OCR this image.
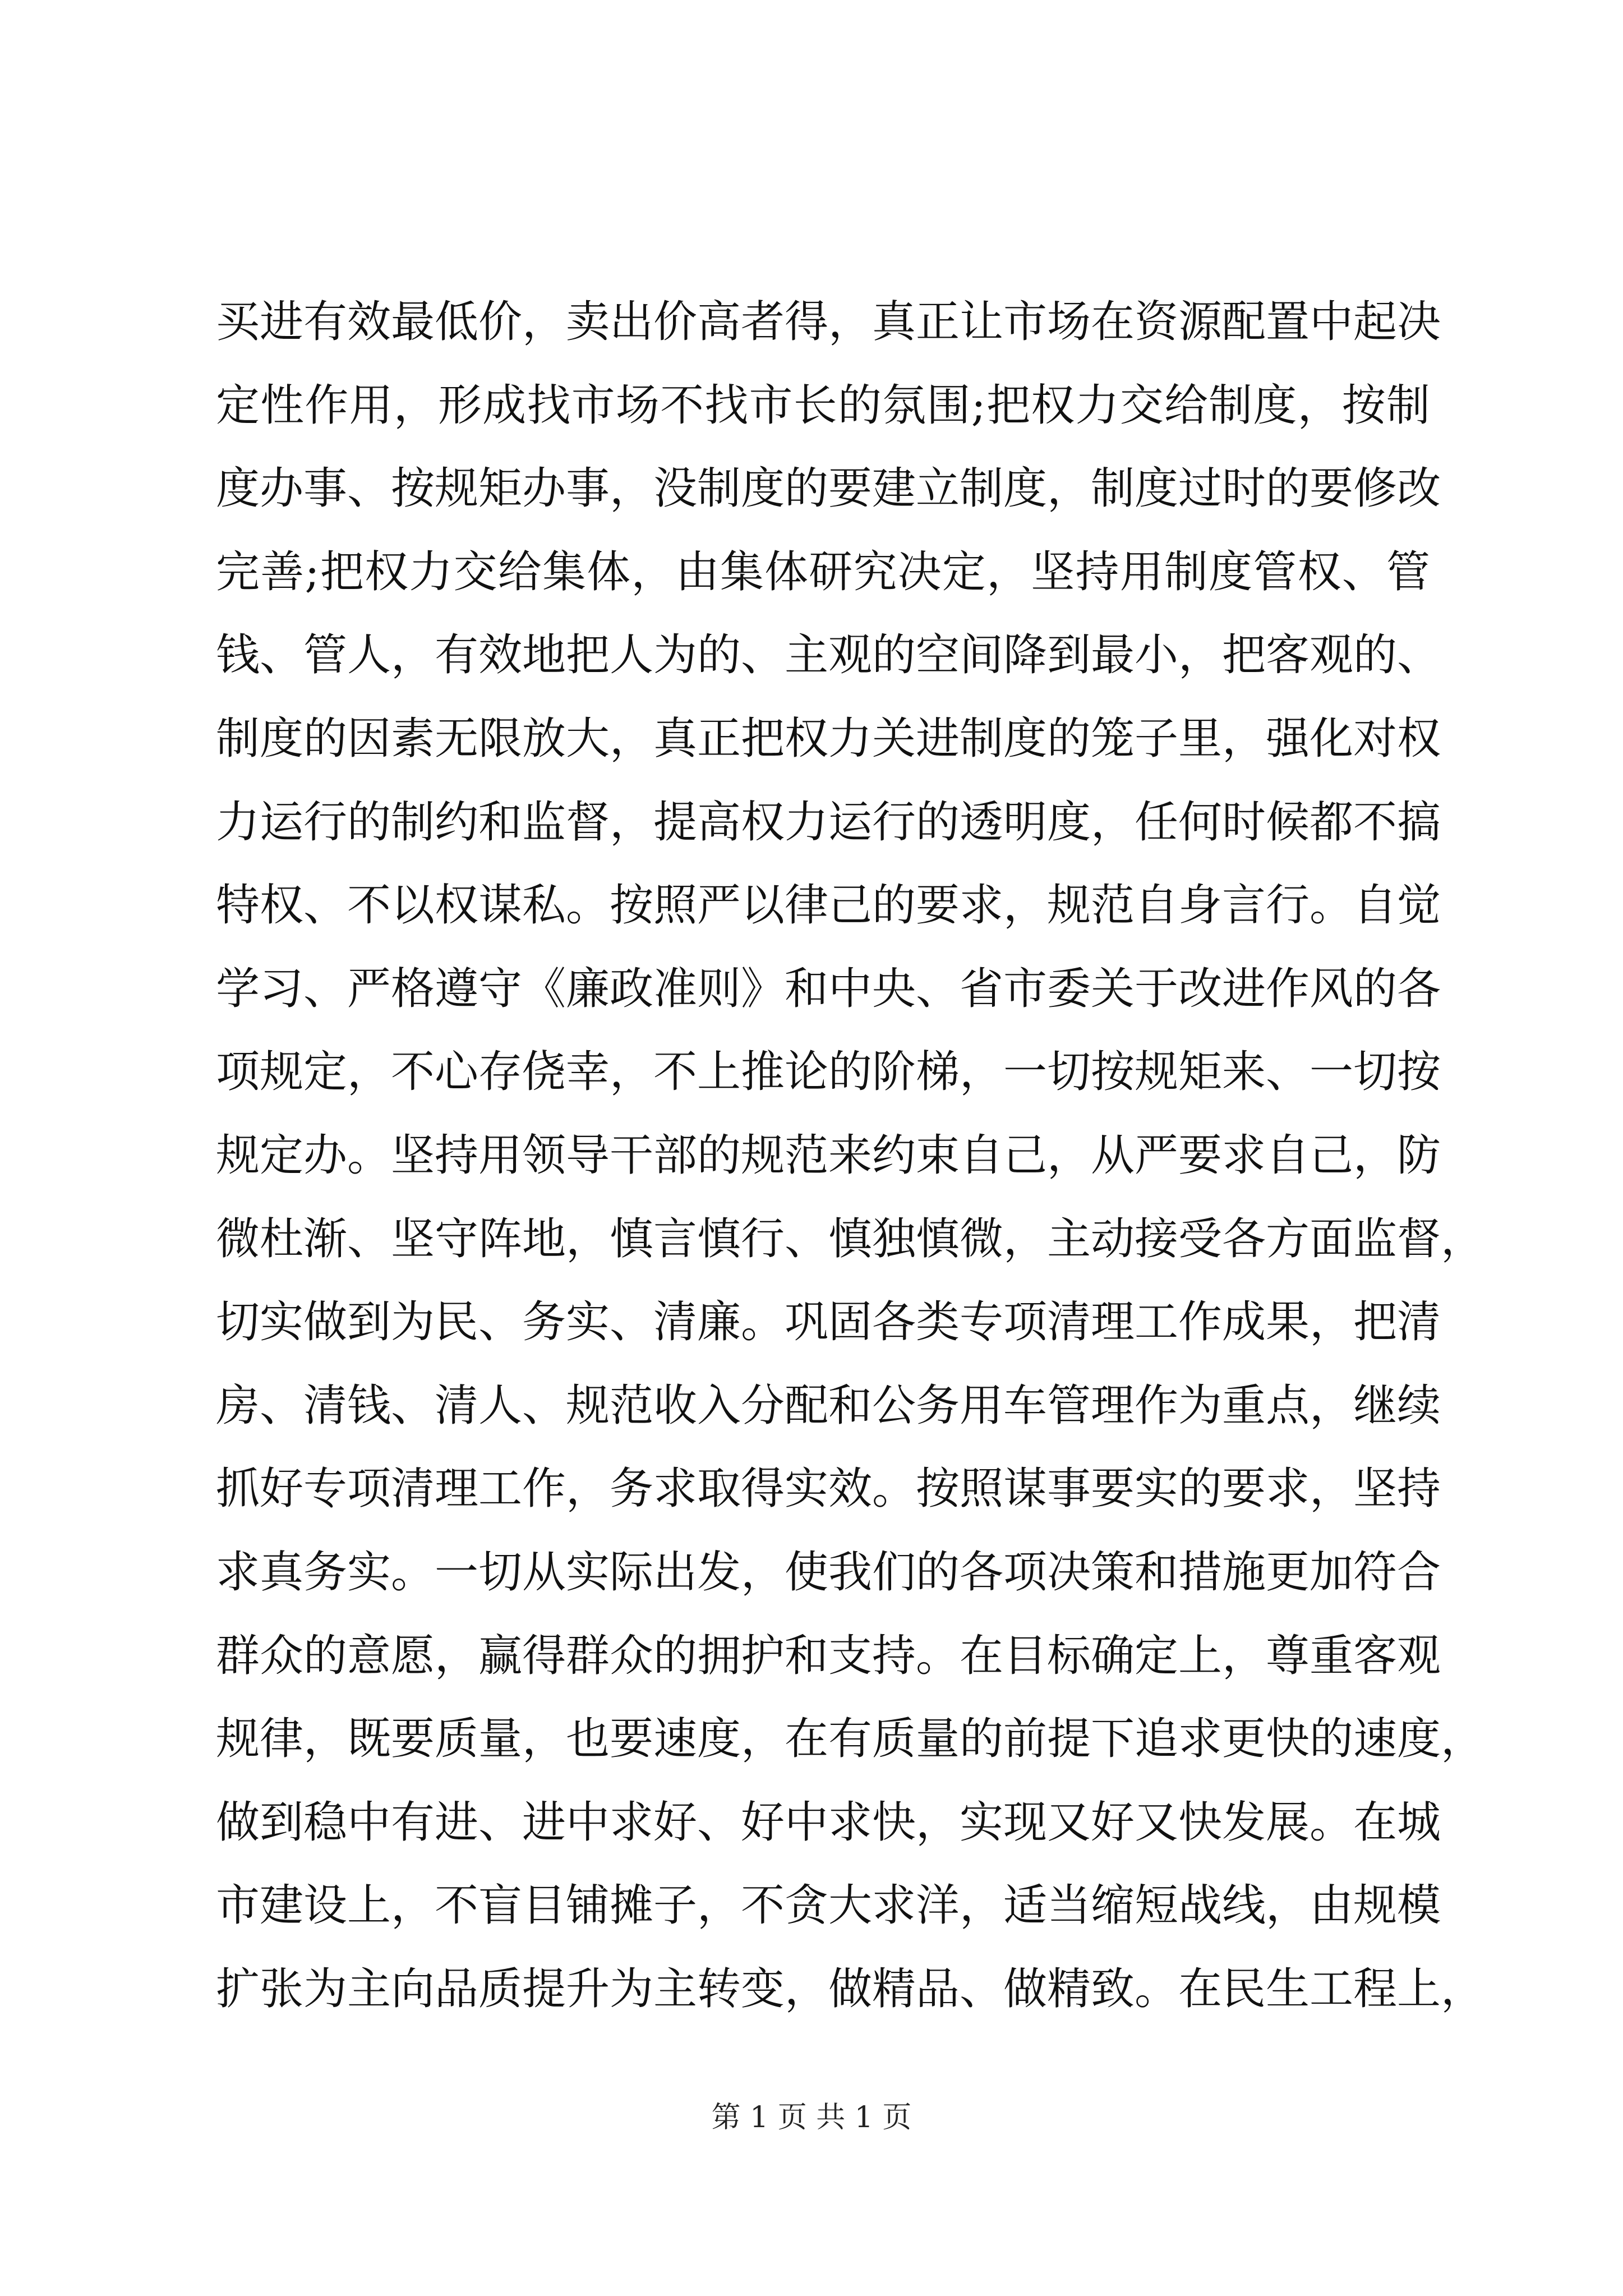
买进有效最低价，卖出价高者得，真正让市场在资源配置中起决
定性作用，形成找市场不找市长的氛围;把权力交给制度，按制
度办事、按规矩办事，没制度的要建立制度，制度过时的要修改
完善;把权力交给集体，由集体研究决定，坚持用制度管权、管
钱、管人，有效地把人为的、主观的空间降到最小，把客观的、
制度的因素无限放大，真正把权力关进制度的笼子里，强化对权
力运行的制约和监督，提高权力运行的透明度，任何时候都不搞
特权、不以权谋私。按照严以律己的要求，规范自身言行。自觉
学习、严格遵守《廉政准则》和中央、省市委关于改进作风的各
项规定，不心存侥幸，不上推论的阶梯，一切按规矩来、一切按
规定办。坚持用领导干部的规范来约束自己，从严要求自己，防
微杜渐、坚守阵地，慎言慎行、慎独慎微，主动接受各方面监督，
切实做到为民、务实、清廉。巩固各类专项清理工作成果，把清
房、清钱、清人、规范收入分配和公务用车管理作为重点，继续
抓好专项清理工作，务求取得实效。按照谋事要实的要求，坚持
求真务实。一切从实际出发，使我们的各项决策和措施更加符合
群众的意愿，赢得群众的拥护和支持。在目标确定上，尊重客观
规律，既要质量，也要速度，在有质量的前提下追求更快的速度，
做到稳中有进、进中求好、好中求快，实现又好又快发展。在城
市建设上，不盲目铺摊子，不贪大求洋，适当缩短战线，由规模
扩张为主向品质提升为主转变，做精品、做精致。在民生工程上，
第 1 页 共 1 页
